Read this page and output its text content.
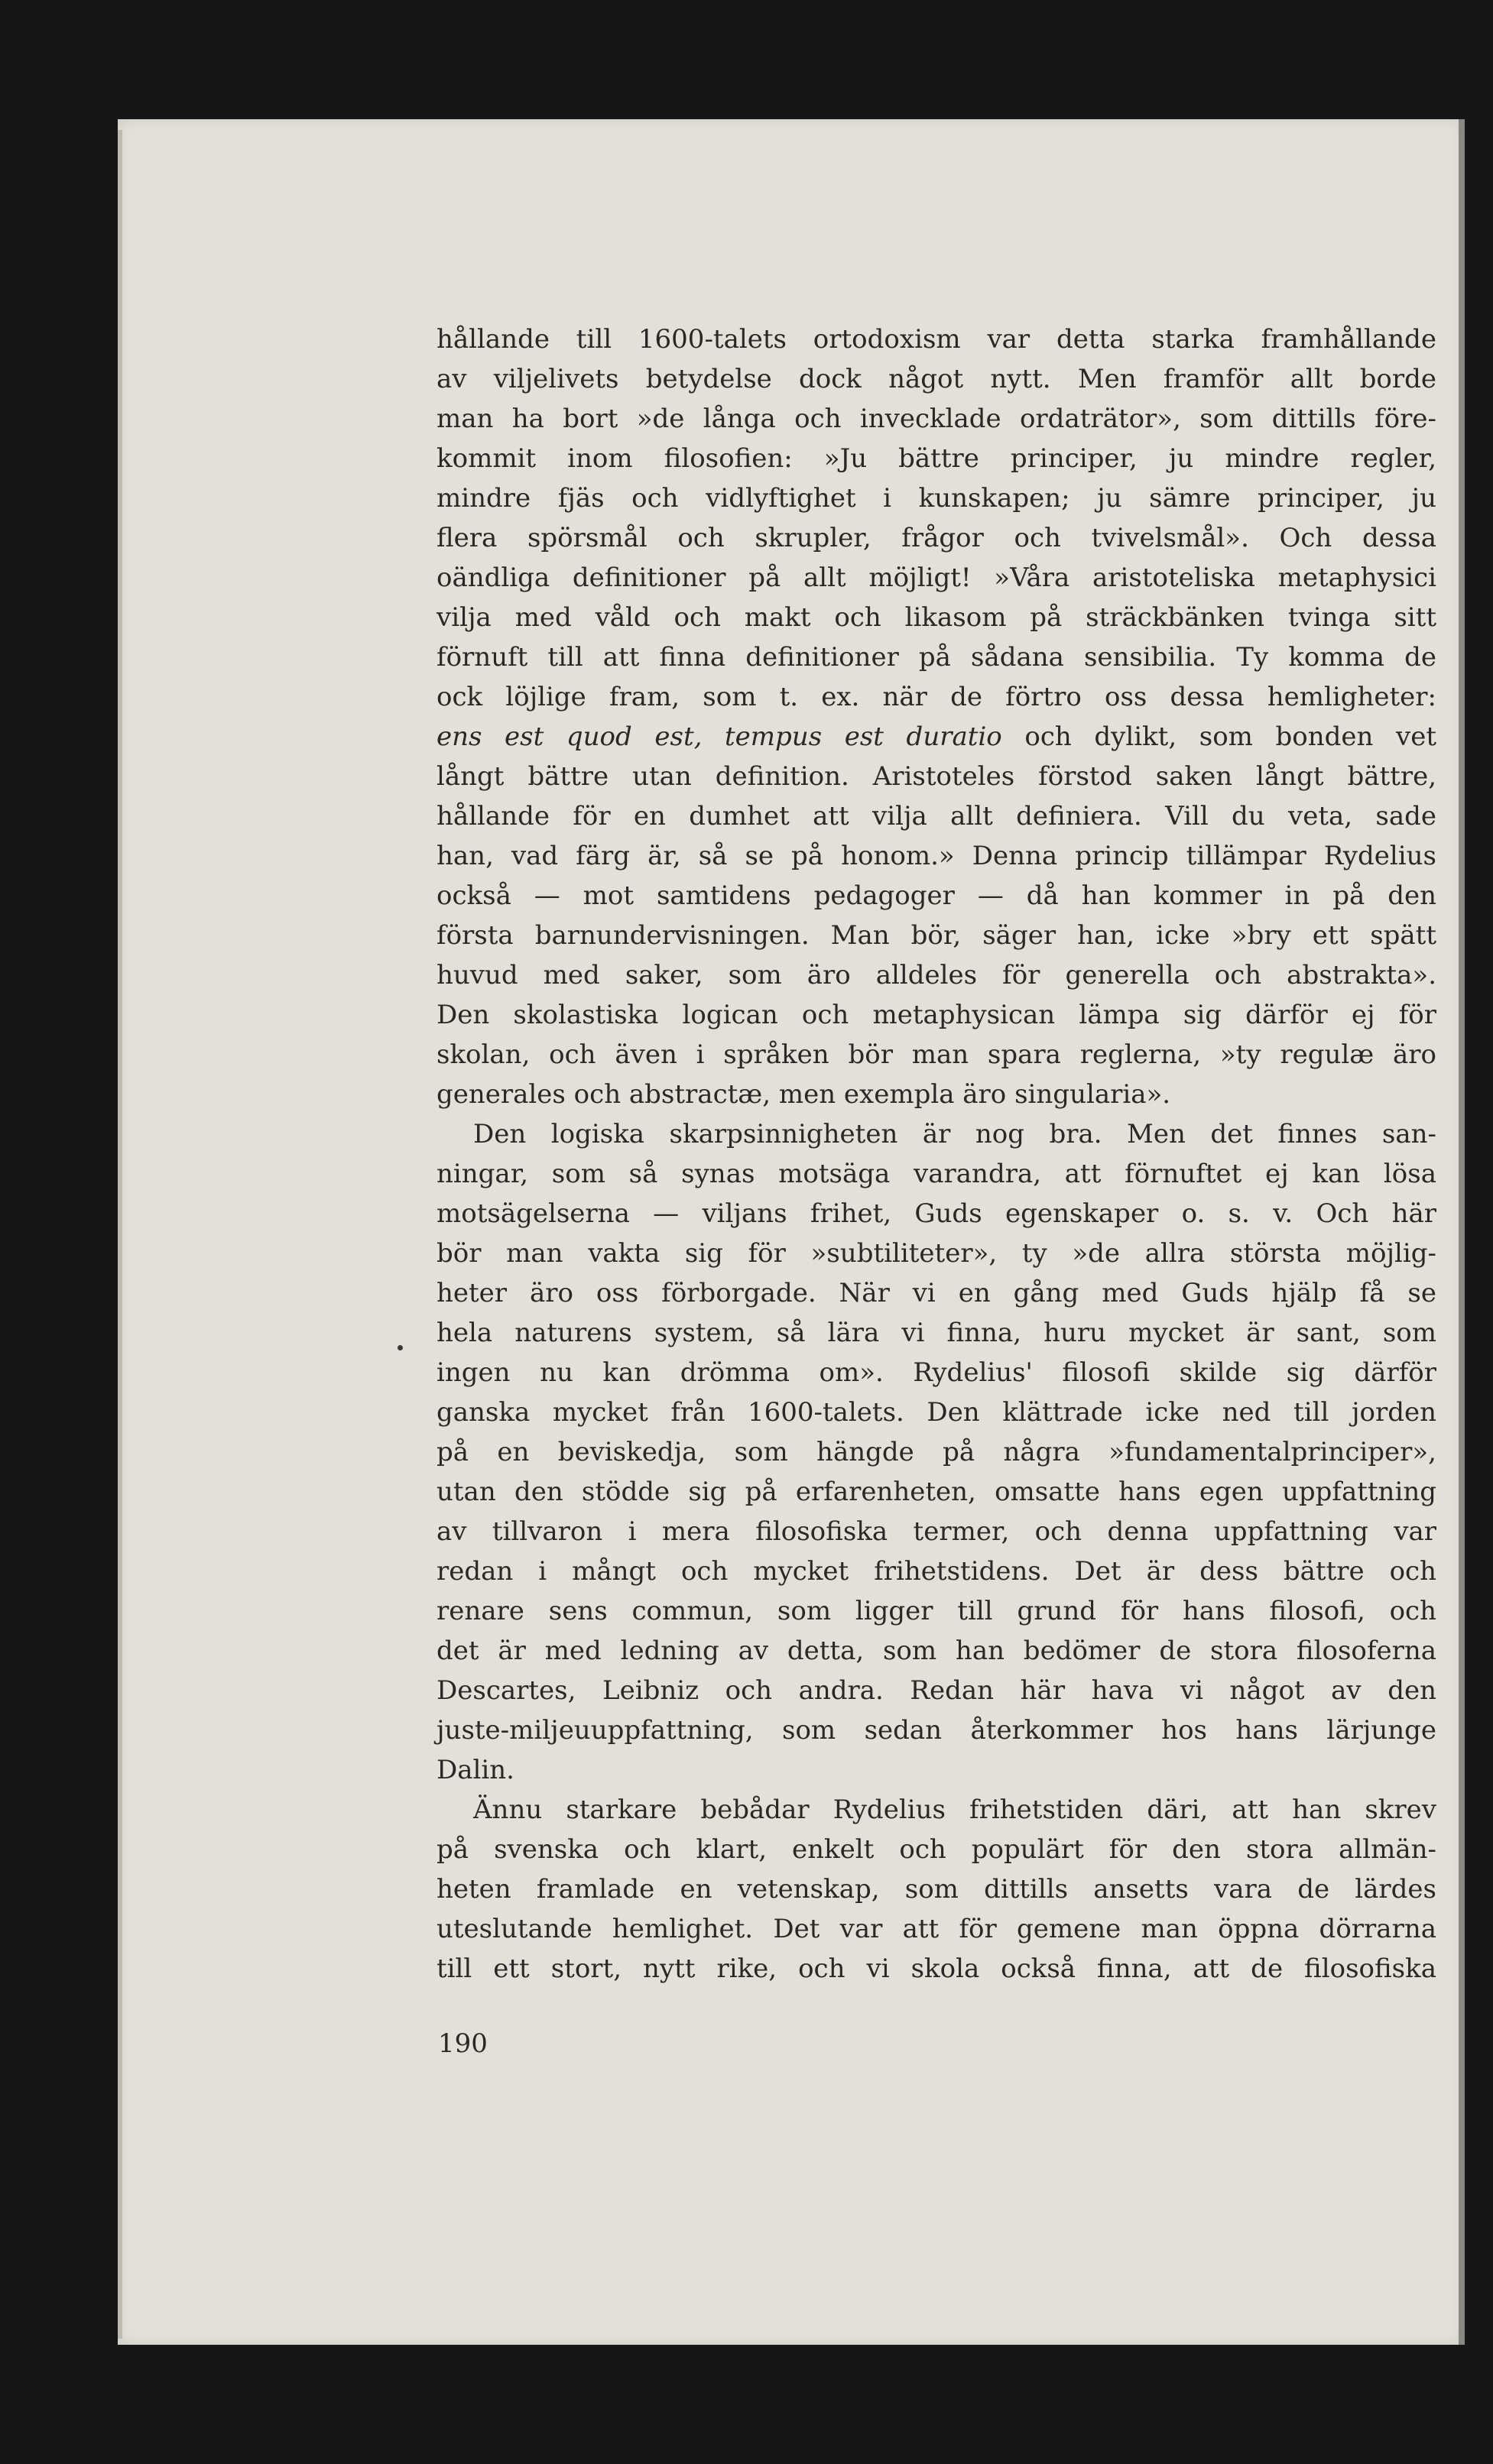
hållande till 1600-talets ortodoxism var detta starka framhållande
av viljelivets betydelse dock något nytt. Men framför allt borde
man ha bort »de långa och invecklade ordaträtor», som dittills före-
kommit inom filosofien: »Ju bättre principer, ju mindre regler,
mindre fjäs och vidlyftighet i kunskapen; ju sämre principer, ju
flera spörsmål och skrupler, frågor och tvivelsmål». Och dessa
oändliga definitioner på allt möjligt! »Våra aristoteliska metaphysici
vilja med våld och makt och likasom på sträckbänken tvinga sitt
förnuft till att finna definitioner på sådana sensibilia. Ty komma de
ock löjlige fram, som t. ex. när de förtro oss dessa hemligheter:
ens est quod est, tempus est duratio och dylikt, som bonden vet
långt bättre utan definition. Aristoteles förstod saken långt bättre,
hållande för en dumhet att vilja allt definiera. Vill du veta, sade
han, vad färg är, så se på honom.» Denna princip tillämpar Rydelius
också — mot samtidens pedagoger — då han kommer in på den
första barnundervisningen. Man bör, säger han, icke »bry ett spätt
huvud med saker, som äro alldeles för generella och abstrakta».
Den skolastiska logican och metaphysican lämpa sig därför ej för
skolan, och även i språken bör man spara reglerna, »ty regulæ äro
generales och abstractæ, men exempla äro singularia».
Den logiska skarpsinnigheten är nog bra. Men det finnes san-
ningar, som så synas motsäga varandra, att förnuftet ej kan lösa
motsägelserna — viljans frihet, Guds egenskaper o. s. v. Och här
bör man vakta sig för »subtiliteter», ty »de allra största möjlig-
heter äro oss förborgade. När vi en gång med Guds hjälp få se
hela naturens system, så lära vi finna, huru mycket är sant, som
ingen nu kan drömma om». Rydelius' filosofi skilde sig därför
ganska mycket från 1600-talets. Den klättrade icke ned till jorden
på en beviskedja, som hängde på några »fundamentalprinciper»,
utan den stödde sig på erfarenheten, omsatte hans egen uppfattning
av tillvaron i mera filosofiska termer, och denna uppfattning var
redan i mångt och mycket frihetstidens. Det är dess bättre och
renare sens commun, som ligger till grund för hans filosofi, och
det är med ledning av detta, som han bedömer de stora filosoferna
Descartes, Leibniz och andra. Redan här hava vi något av den
juste-miljeuuppfattning, som sedan återkommer hos hans lärjunge
Dalin.
Ännu starkare bebådar Rydelius frihetstiden däri, att han skrev
på svenska och klart, enkelt och populärt för den stora allmän-
heten framlade en vetenskap, som dittills ansetts vara de lärdes
uteslutande hemlighet. Det var att för gemene man öppna dörrarna
till ett stort, nytt rike, och vi skola också finna, att de filosofiska
190
